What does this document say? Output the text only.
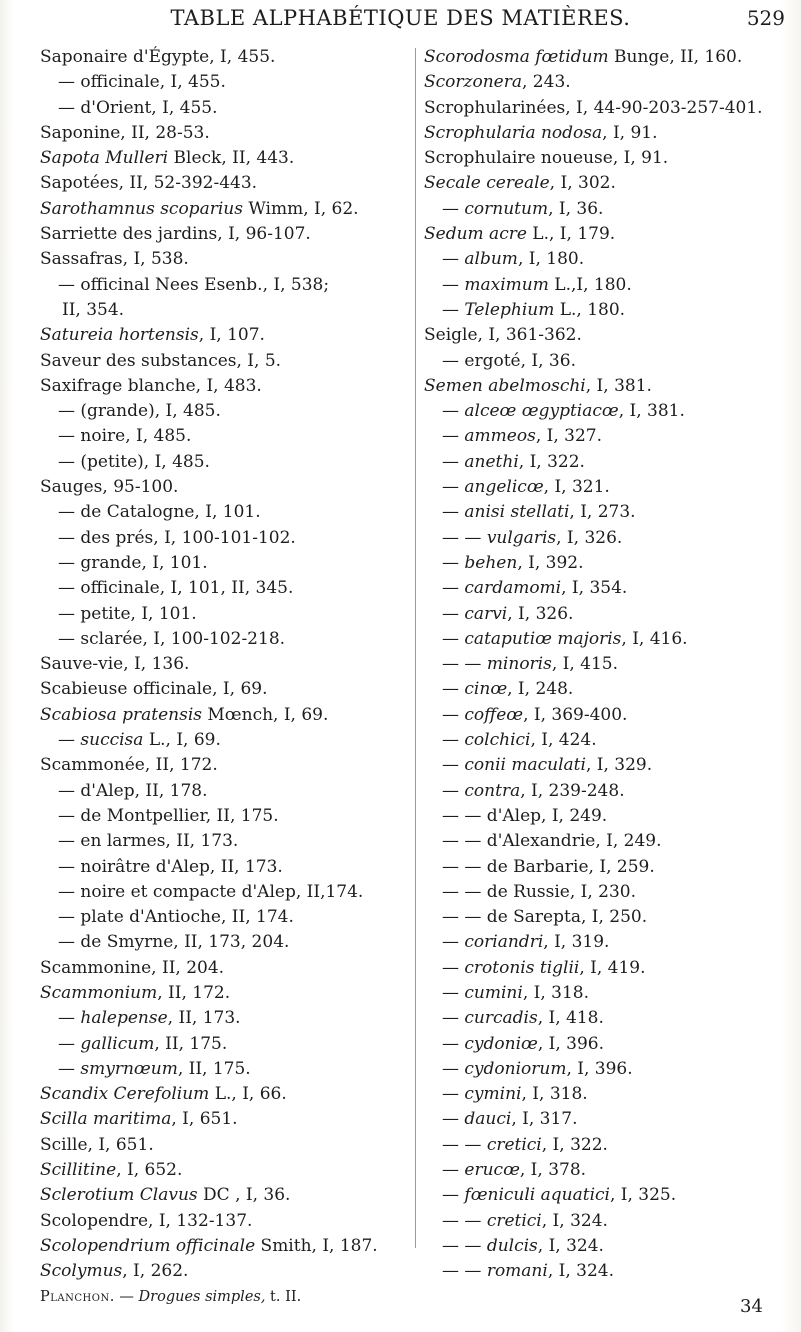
TABLE ALPHABÉTIQUE DES MATIÈRES.	529
Saponaire d'Égypte, I, 455.
— officinale, I, 455.
— d'Orient, I, 455.
Saponine, II, 28-53.
Sapota Mulleri Bleck, II, 443.
Sapotées, II, 52-392-443.
Sarothamnus scoparius Wimm, I, 62.
Sarriette des jardins, I, 96-107.
Sassafras, I, 538.
— officinal Nees Esenb., I, 538;
II, 354.
Satureia hortensis, I, 107.
Saveur des substances, I, 5.
Saxifrage blanche, I, 483.
— (grande), I, 485.
— noire, I, 485.
— (petite), I, 485.
Sauges, 95-100.
— de Catalogne, I, 101.
— des prés, I, 100-101-102.
— grande, I, 101.
— officinale, I, 101, II, 345.
— petite, I, 101.
— sclarée, I, 100-102-218.
Sauve-vie, I, 136.
Scabieuse officinale, I, 69.
Scabiosa pratensis Mœnch, I, 69.
— succisa L., I, 69.
Scammonée, II, 172.
— d'Alep, II, 178.
— de Montpellier, II, 175.
— en larmes, II, 173.
— noirâtre d'Alep, II, 173.
— noire et compacte d'Alep, II,174.
— plate d'Antioche, II, 174.
— de Smyrne, II, 173, 204.
Scammonine, II, 204.
Scammonium, II, 172.
— halepense, II, 173.
— gallicum, II, 175.
— smyrnœum, II, 175.
Scandix Cerefolium L., I, 66.
Scilla maritima, I, 651.
Scille, I, 651.
Scillitine, I, 652.
Sclerotium Clavus DC , I, 36.
Scolopendre, I, 132-137.
Scolopendrium officinale Smith, I, 187.
Scolymus, I, 262.
Planchon. — Drogues simples, t. II.
Scorodosma fœtidum Bunge, II, 160.
Scorzonera, 243.
Scrophularinées, I, 44-90-203-257-401.
Scrophularia nodosa, I, 91.
Scrophulaire noueuse, I, 91.
Secale cereale, I, 302.
— cornutum, I, 36.
Sedum acre L., I, 179.
— album, I, 180.
— maximum L.,I, 180.
— Telephium L., 180.
Seigle, I, 361-362.
— ergoté, I, 36.
Semen abelmoschi, I, 381.
— alceœ œgyptiacœ, I, 381.
— ammeos, I, 327.
— anethi, I, 322.
— angelicœ, I, 321.
— anisi stellati, I, 273.
— — vulgaris, I, 326.
— behen, I, 392.
— cardamomi, I, 354.
— carvi, I, 326.
— cataputiœ majoris, I, 416.
— — minoris, I, 415.
— cinœ, I, 248.
— coffeœ, I, 369-400.
— colchici, I, 424.
— conii maculati, I, 329.
— contra, I, 239-248.
— — d'Alep, I, 249.
— — d'Alexandrie, I, 249.
— — de Barbarie, I, 259.
— — de Russie, I, 230.
— — de Sarepta, I, 250.
— coriandri, I, 319.
— crotonis tiglii, I, 419.
— cumini, I, 318.
— curcadis, I, 418.
— cydoniœ, I, 396.
— cydoniorum, I, 396.
— cymini, I, 318.
— dauci, I, 317.
— — cretici, I, 322.
— erucœ, I, 378.
— fœniculi aquatici, I, 325.
— — cretici, I, 324.
— — dulcis, I, 324.
— — romani, I, 324.
34
